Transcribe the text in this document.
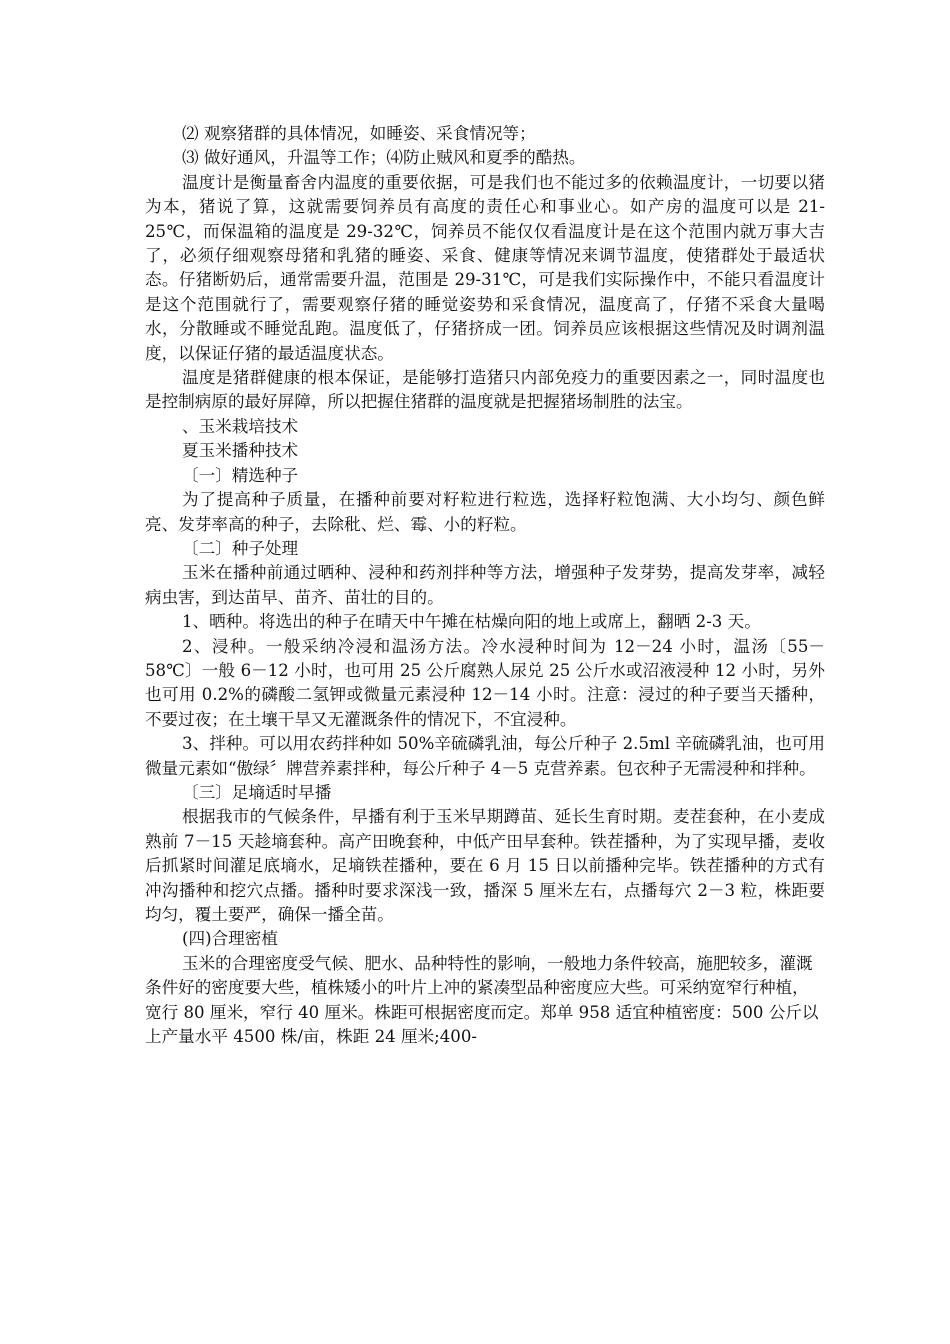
⑵ 观察猪群的具体情况，如睡姿、采食情况等；

⑶ 做好通风，升温等工作；⑷防止贼风和夏季的酷热。

温度计是衡量畜舍内温度的重要依据，可是我们也不能过多的依赖温度计，一切要以猪为本，猪说了算，这就需要饲养员有高度的责任心和事业心。如产房的温度可以是 21-25℃，而保温箱的温度是 29-32℃，饲养员不能仅仅看温度计是在这个范围内就万事大吉了，必须仔细观察母猪和乳猪的睡姿、采食、健康等情况来调节温度，使猪群处于最适状态。仔猪断奶后，通常需要升温，范围是 29-31℃，可是我们实际操作中，不能只看温度计是这个范围就行了，需要观察仔猪的睡觉姿势和采食情况，温度高了，仔猪不采食大量喝水，分散睡或不睡觉乱跑。温度低了，仔猪挤成一团。饲养员应该根据这些情况及时调剂温度，以保证仔猪的最适温度状态。

温度是猪群健康的根本保证，是能够打造猪只内部免疫力的重要因素之一，同时温度也是控制病原的最好屏障，所以把握住猪群的温度就是把握猪场制胜的法宝。

、玉米栽培技术

夏玉米播种技术

〔一〕精选种子

为了提高种子质量，在播种前要对籽粒进行粒选，选择籽粒饱满、大小均匀、颜色鲜亮、发芽率高的种子，去除秕、烂、霉、小的籽粒。

〔二〕种子处理

玉米在播种前通过晒种、浸种和药剂拌种等方法，增强种子发芽势，提高发芽率，减轻病虫害，到达苗早、苗齐、苗壮的目的。

1、晒种。将选出的种子在晴天中午摊在枯燥向阳的地上或席上，翻晒 2-3 天。

2、浸种。一般采纳冷浸和温汤方法。冷水浸种时间为 12－24 小时，温汤〔55－58℃〕一般 6－12 小时，也可用 25 公斤腐熟人尿兑 25 公斤水或沼液浸种 12 小时，另外也可用 0.2%的磷酸二氢钾或微量元素浸种 12－14 小时。注意：浸过的种子要当天播种，不要过夜；在土壤干旱又无灌溉条件的情况下，不宜浸种。

3、拌种。可以用农药拌种如 50%辛硫磷乳油，每公斤种子 2.5ml 辛硫磷乳油，也可用微量元素如“傲绿〞牌营养素拌种，每公斤种子 4－5 克营养素。包衣种子无需浸种和拌种。

〔三〕足墒适时早播

根据我市的气候条件，早播有利于玉米早期蹲苗、延长生育时期。麦茬套种，在小麦成熟前 7－15 天趁墒套种。高产田晚套种，中低产田早套种。铁茬播种，为了实现早播，麦收后抓紧时间灌足底墒水，足墒铁茬播种，要在 6 月 15 日以前播种完毕。铁茬播种的方式有冲沟播种和挖穴点播。播种时要求深浅一致，播深 5 厘米左右，点播每穴 2－3 粒，株距要均匀，覆土要严，确保一播全苗。

(四)合理密植

玉米的合理密度受气候、肥水、品种特性的影响，一般地力条件较高，施肥较多，灌溉条件好的密度要大些，植株矮小的叶片上冲的紧凑型品种密度应大些。可采纳宽窄行种植，宽行 80 厘米，窄行 40 厘米。株距可根据密度而定。郑单 958 适宜种植密度：500 公斤以上产量水平 4500 株/亩，株距 24 厘米;400-
